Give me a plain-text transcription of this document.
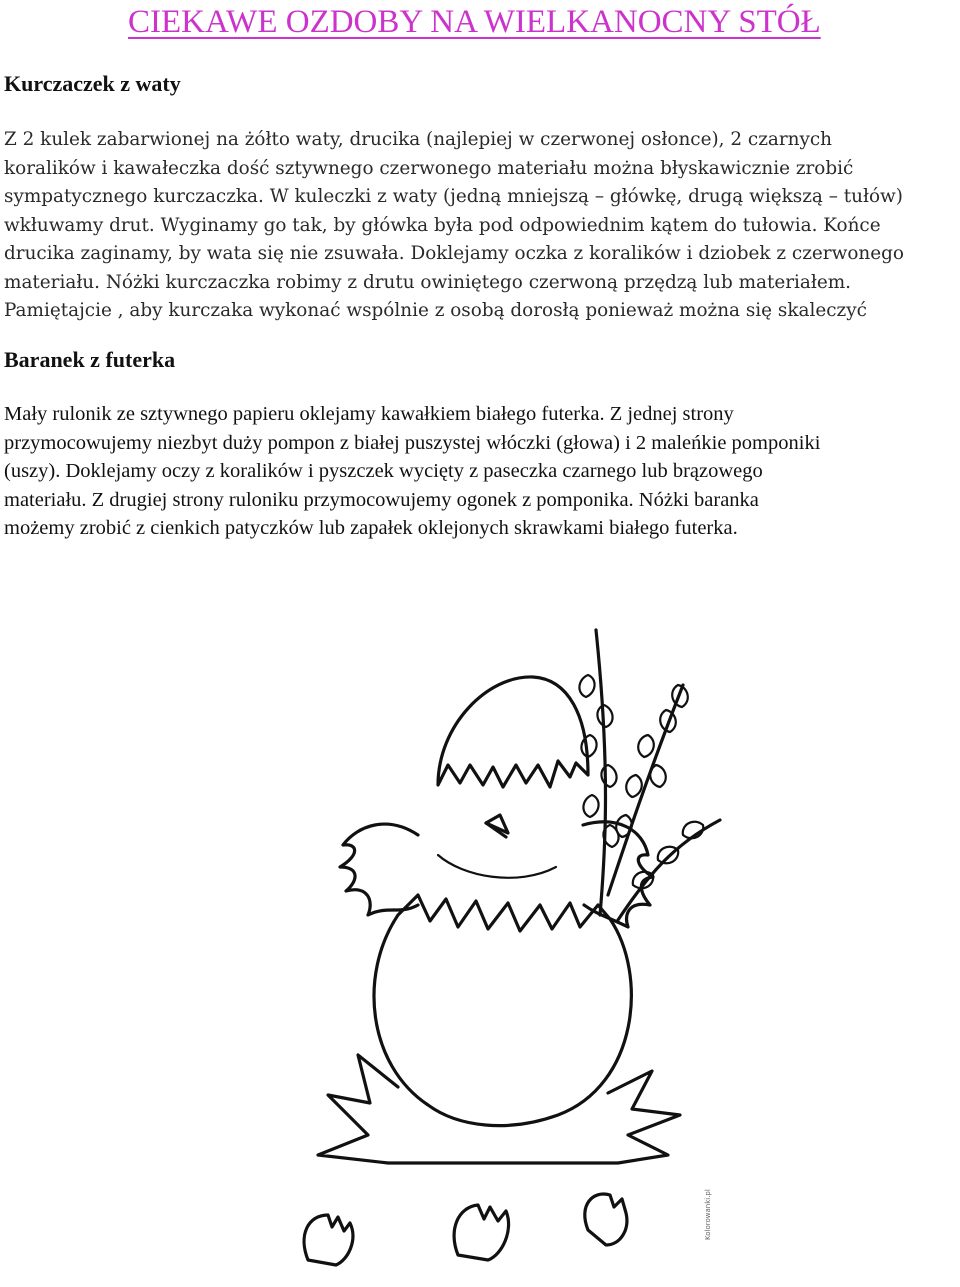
CIEKAWE OZDOBY NA WIELKANOCNY STÓŁ
Kurczaczek z waty

Z 2 kulek zabarwionej na żółto waty, drucika (najlepiej w czerwonej osłonce), 2 czarnych
koralików i kawałeczka dość sztywnego czerwonego materiału można błyskawicznie zrobić
sympatycznego kurczaczka. W kuleczki z waty (jedną mniejszą – główkę, drugą większą – tułów)
wkłuwamy drut. Wyginamy go tak, by główka była pod odpowiednim kątem do tułowia. Końce
drucika zaginamy, by wata się nie zsuwała. Doklejamy oczka z koralików i dziobek z czerwonego
materiału. Nóżki kurczaczka robimy z drutu owiniętego czerwoną przędzą lub materiałem.
Pamiętajcie , aby kurczaka wykonać wspólnie z osobą dorosłą ponieważ można się skaleczyć

Baranek z futerka

Mały rulonik ze sztywnego papieru oklejamy kawałkiem białego futerka. Z jednej strony
przymocowujemy niezbyt duży pompon z białej puszystej włóczki (głowa) i 2 maleńkie pomponiki
(uszy). Doklejamy oczy z koralików i pyszczek wycięty z paseczka czarnego lub brązowego
materiału. Z drugiej strony ruloniku przymocowujemy ogonek z pomponika. Nóżki baranka
możemy zrobić z cienkich patyczków lub zapałek oklejonych skrawkami białego futerka.

Kolorowanki.pl
